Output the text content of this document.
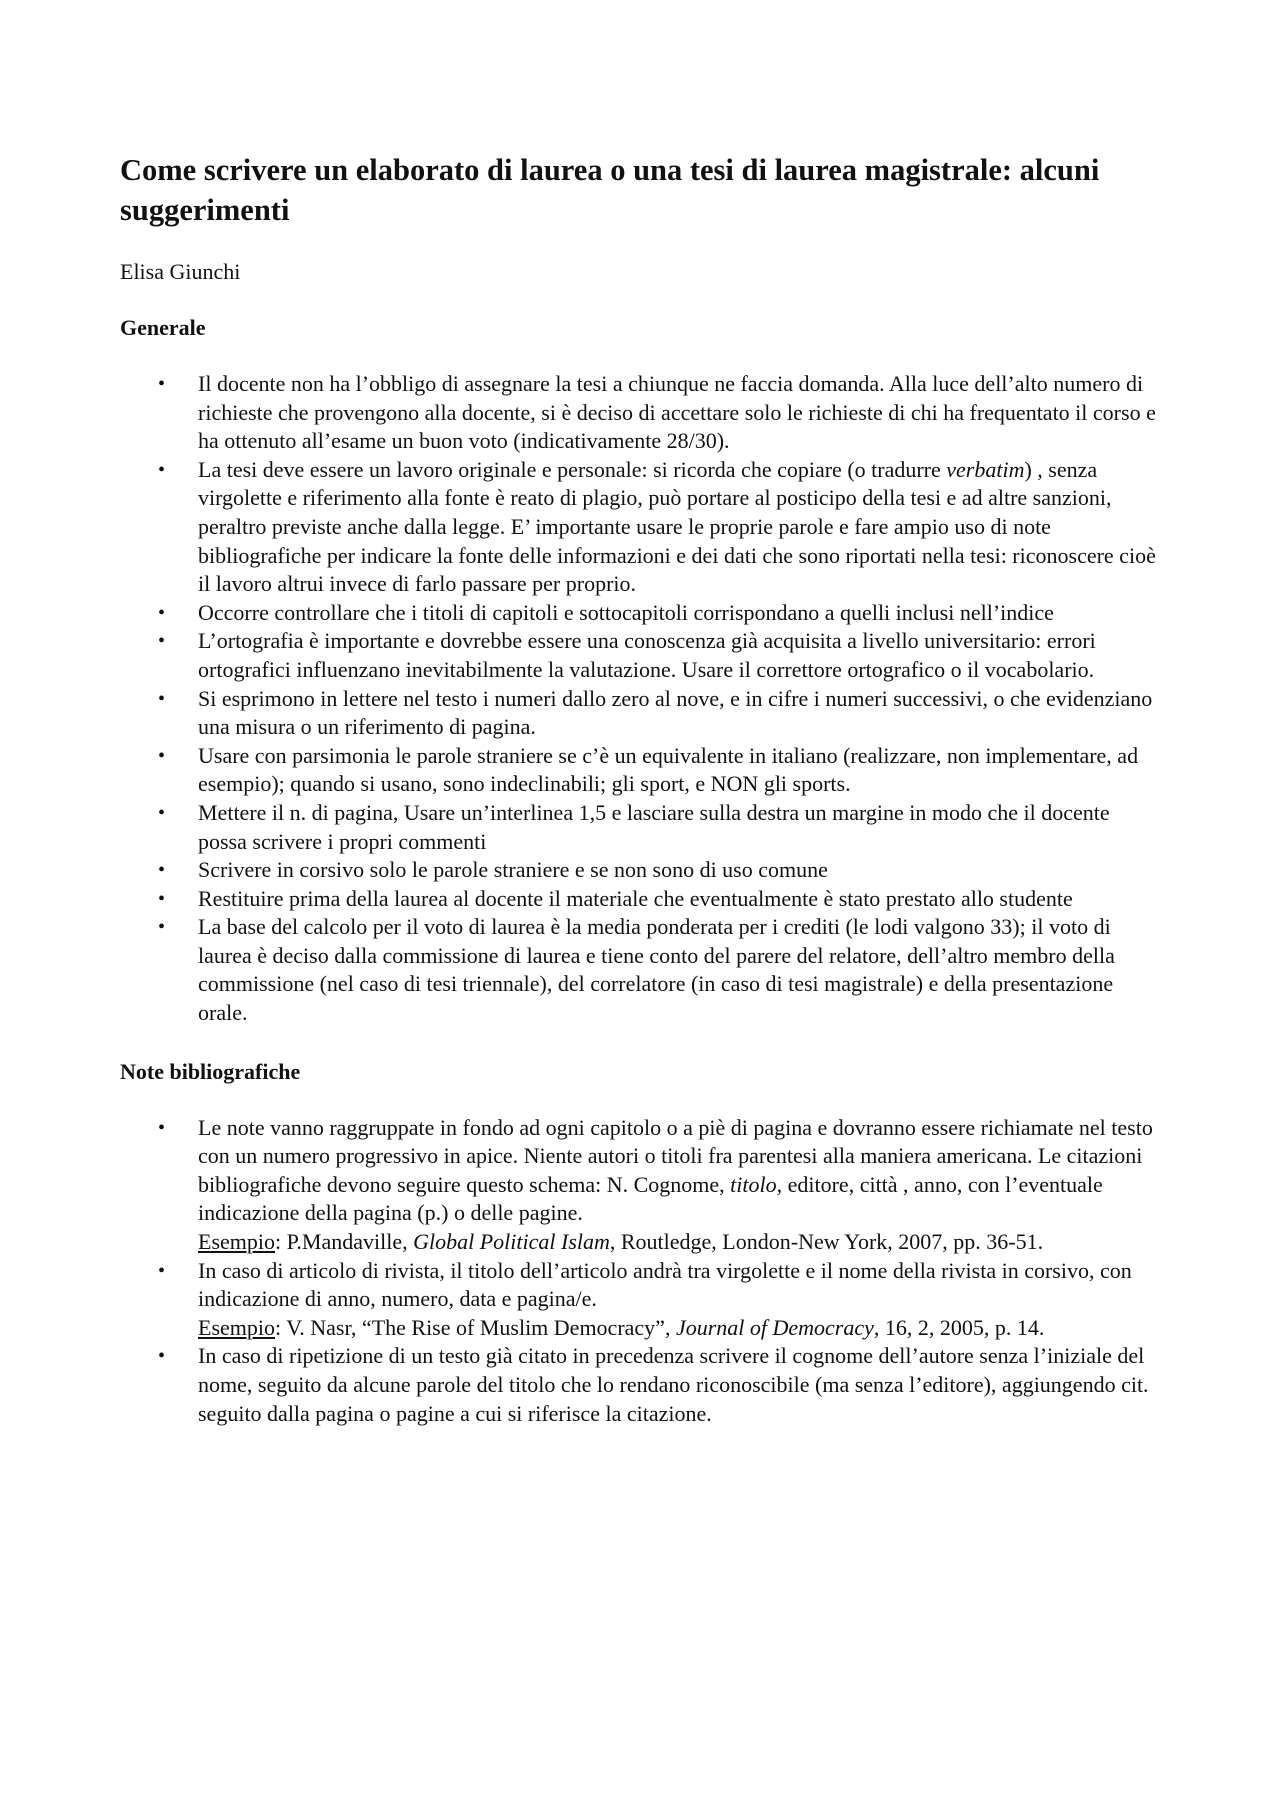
Come scrivere un elaborato di laurea o una tesi di laurea magistrale: alcuni suggerimenti
Elisa Giunchi
Generale
• Il docente non ha l’obbligo di assegnare la tesi a chiunque ne faccia domanda. Alla luce dell’alto numero di richieste che provengono alla docente, si è deciso di accettare solo le richieste di chi ha frequentato il corso e ha ottenuto all’esame un buon voto (indicativamente 28/30).
• La tesi deve essere un lavoro originale e personale: si ricorda che copiare (o tradurre verbatim) , senza virgolette e riferimento alla fonte è reato di plagio, può portare al posticipo della tesi e ad altre sanzioni, peraltro previste anche dalla legge. E’ importante usare le proprie parole e fare ampio uso di note bibliografiche per indicare la fonte delle informazioni e dei dati che sono riportati nella tesi: riconoscere cioè il lavoro altrui invece di farlo passare per proprio.
• Occorre controllare che i titoli di capitoli e sottocapitoli corrispondano a quelli inclusi nell’indice
• L’ortografia è importante e dovrebbe essere una conoscenza già acquisita a livello universitario: errori ortografici influenzano inevitabilmente la valutazione. Usare il correttore ortografico o il vocabolario.
• Si esprimono in lettere nel testo i numeri dallo zero al nove, e in cifre i numeri successivi, o che evidenziano una misura o un riferimento di pagina.
• Usare con parsimonia le parole straniere se c’è un equivalente in italiano (realizzare, non implementare, ad esempio); quando si usano, sono indeclinabili; gli sport, e NON gli sports.
• Mettere il n. di pagina, Usare un’interlinea 1,5 e lasciare sulla destra un margine in modo che il docente possa scrivere i propri commenti
• Scrivere in corsivo solo le parole straniere e se non sono di uso comune
• Restituire prima della laurea al docente il materiale che eventualmente è stato prestato allo studente
• La base del calcolo per il voto di laurea è la media ponderata per i crediti (le lodi valgono 33); il voto di laurea è deciso dalla commissione di laurea e tiene conto del parere del relatore, dell’altro membro della commissione (nel caso di tesi triennale), del correlatore (in caso di tesi magistrale) e della presentazione orale.
Note bibliografiche
• Le note vanno raggruppate in fondo ad ogni capitolo o a piè di pagina e dovranno essere richiamate nel testo con un numero progressivo in apice. Niente autori o titoli fra parentesi alla maniera americana. Le citazioni bibliografiche devono seguire questo schema: N. Cognome, titolo, editore, città , anno, con l’eventuale indicazione della pagina (p.) o delle pagine.
Esempio: P.Mandaville, Global Political Islam, Routledge, London-New York, 2007, pp. 36-51.
• In caso di articolo di rivista, il titolo dell’articolo andrà tra virgolette e il nome della rivista in corsivo, con indicazione di anno, numero, data e pagina/e.
Esempio: V. Nasr, “The Rise of Muslim Democracy”, Journal of Democracy, 16, 2, 2005, p. 14.
• In caso di ripetizione di un testo già citato in precedenza scrivere il cognome dell’autore senza l’iniziale del nome, seguito da alcune parole del titolo che lo rendano riconoscibile (ma senza l’editore), aggiungendo cit. seguito dalla pagina o pagine a cui si riferisce la citazione.
